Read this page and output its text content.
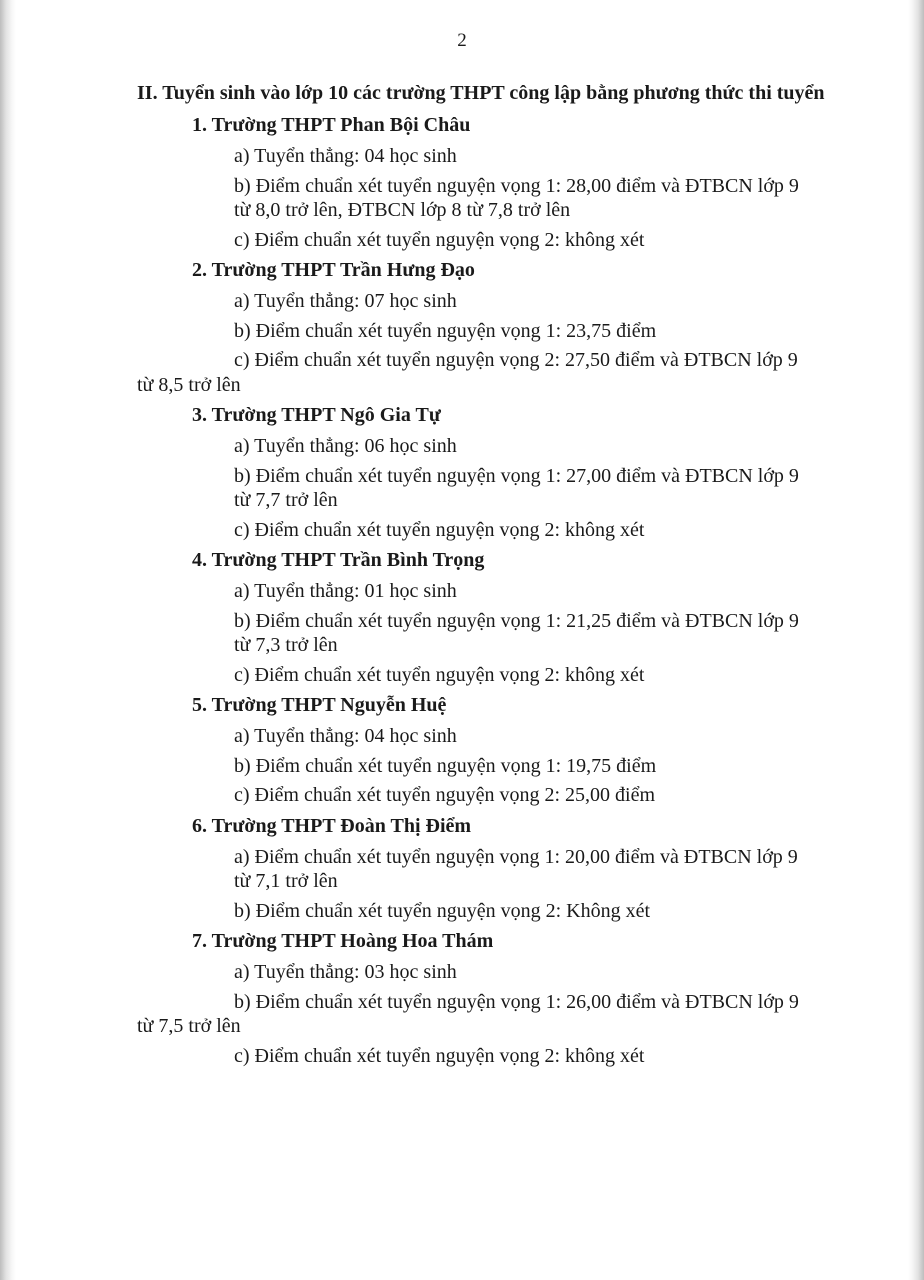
2
II. Tuyển sinh vào lớp 10 các trường THPT công lập bằng phương thức thi tuyển
1. Trường THPT Phan Bội Châu
a) Tuyển thẳng: 04 học sinh
b) Điểm chuẩn xét tuyển nguyện vọng 1: 28,00 điểm và ĐTBCN lớp 9
từ 8,0 trở lên, ĐTBCN lớp 8 từ 7,8 trở lên
c) Điểm chuẩn xét tuyển nguyện vọng 2: không xét
2. Trường THPT Trần Hưng Đạo
a) Tuyển thẳng: 07 học sinh
b) Điểm chuẩn xét tuyển nguyện vọng 1: 23,75 điểm
c) Điểm chuẩn xét tuyển nguyện vọng 2: 27,50 điểm và ĐTBCN lớp 9
từ 8,5 trở lên
3. Trường THPT Ngô Gia Tự
a) Tuyển thẳng: 06 học sinh
b) Điểm chuẩn xét tuyển nguyện vọng 1: 27,00 điểm và ĐTBCN lớp 9
từ 7,7 trở lên
c) Điểm chuẩn xét tuyển nguyện vọng 2: không xét
4. Trường THPT Trần Bình Trọng
a) Tuyển thẳng: 01 học sinh
b) Điểm chuẩn xét tuyển nguyện vọng 1: 21,25 điểm và ĐTBCN lớp 9
từ 7,3 trở lên
c) Điểm chuẩn xét tuyển nguyện vọng 2: không xét
5. Trường THPT Nguyễn Huệ
a) Tuyển thẳng: 04 học sinh
b) Điểm chuẩn xét tuyển nguyện vọng 1: 19,75 điểm
c) Điểm chuẩn xét tuyển nguyện vọng 2: 25,00 điểm
6. Trường THPT Đoàn Thị Điểm
a) Điểm chuẩn xét tuyển nguyện vọng 1: 20,00 điểm và ĐTBCN lớp 9
từ 7,1 trở lên
b) Điểm chuẩn xét tuyển nguyện vọng 2: Không xét
7. Trường THPT Hoàng Hoa Thám
a) Tuyển thẳng: 03 học sinh
b) Điểm chuẩn xét tuyển nguyện vọng 1: 26,00 điểm và ĐTBCN lớp 9
từ 7,5 trở lên
c) Điểm chuẩn xét tuyển nguyện vọng 2: không xét
